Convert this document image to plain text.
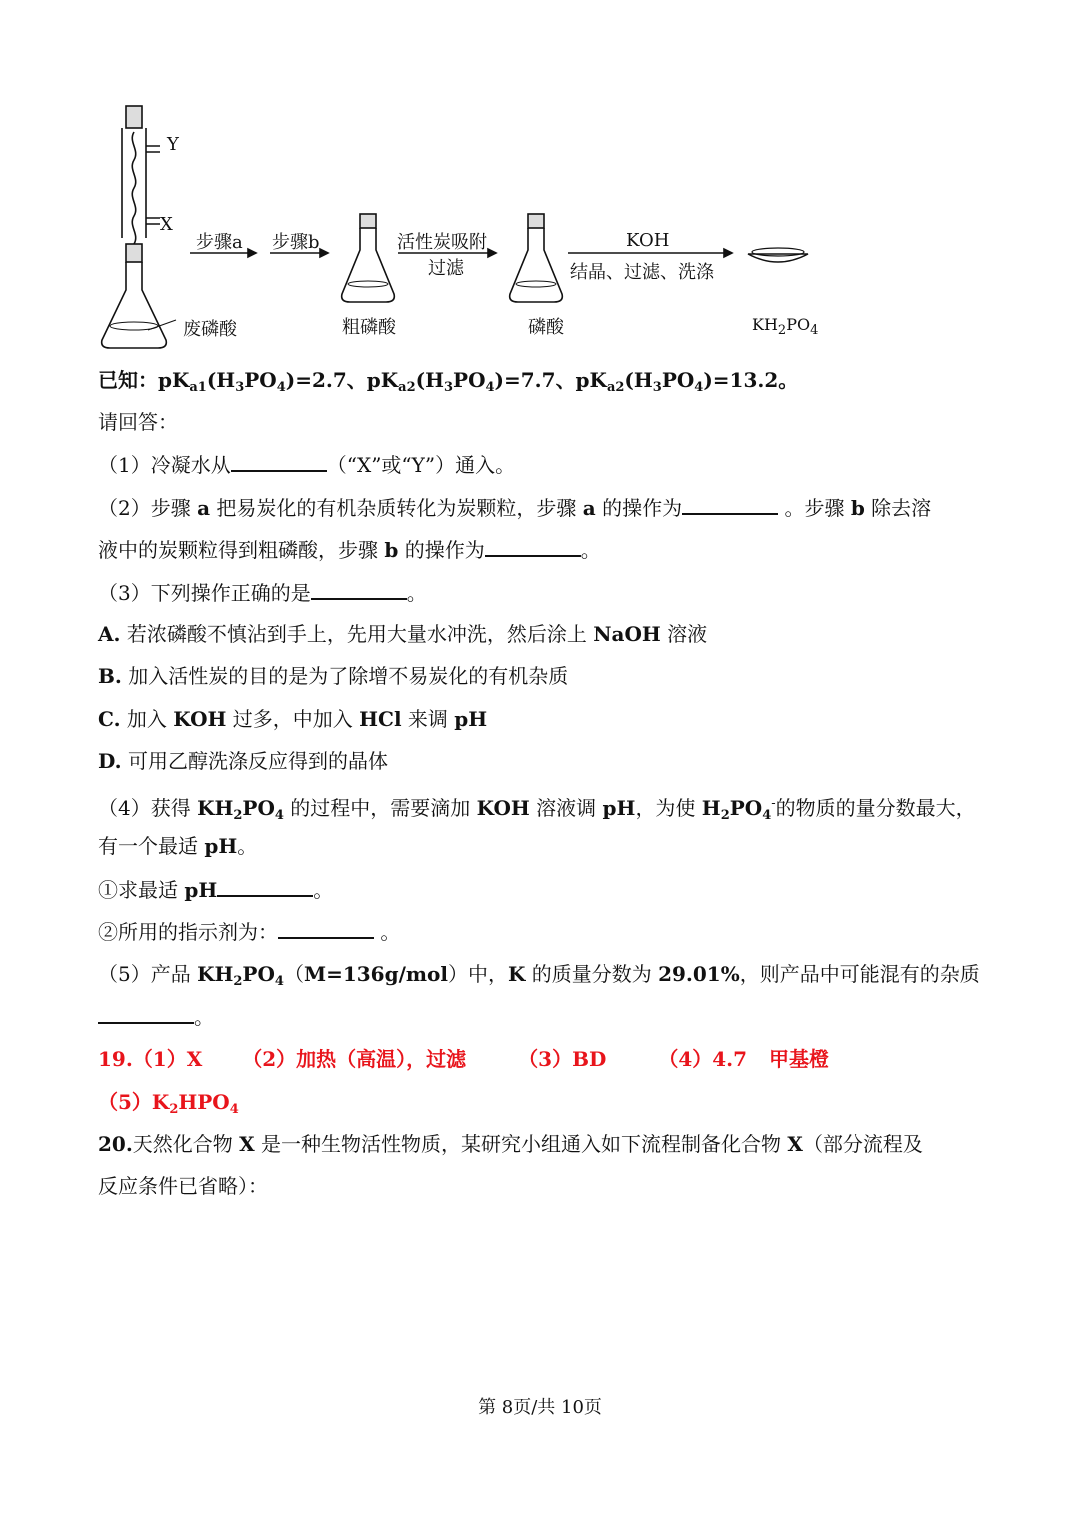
Y
X
步骤a 步骤b	活性炭吸附
过滤
KOH
结晶、过滤、洗涤
废磷酸	粗磷酸	磷酸	$KH_2PO_4$
已知：$pK_{a1}(H_3PO_4)=2.7$、$pK_{a2}(H_3PO_4)=7.7$、$pK_{a2}(H_3PO_4)=13.2$。
请回答：
（1）冷凝水从	（“X”或“Y”）通入。
（2）步骤 a 把易炭化的有机杂质转化为炭颗粒，步骤 a 的操作为	。步骤 b 除去溶
液中的炭颗粒得到粗磷酸，步骤 b 的操作为	。
（3）下列操作正确的是	。
A. 若浓磷酸不慎沾到手上，先用大量水冲洗，然后涂上 NaOH 溶液
B. 加入活性炭的目的是为了除增不易炭化的有机杂质
C. 加入 KOH 过多，中加入 HCl 来调 pH
D. 可用乙醇洗涤反应得到的晶体
（4）获得 $KH_2PO_4$ 的过程中，需要滴加 KOH 溶液调 pH，为使 $H_2PO_4^-$的物质的量分数最大，
有一个最适 pH。
①求最适 pH	。
②所用的指示剂为：	。
（5）产品 $KH_2PO_4(M=136g/mol)$中，K 的质量分数为 29.01%，则产品中可能混有的杂质
。
19.（1）X （2）加热（高温），过滤	（3）BD	（4）4.7 甲基橙
$(5)K_2HPO_4$
20.天然化合物 X 是一种生物活性物质，某研究小组通入如下流程制备化合物 X（部分流程及
反应条件已省略）：
第 8页/共 10页
